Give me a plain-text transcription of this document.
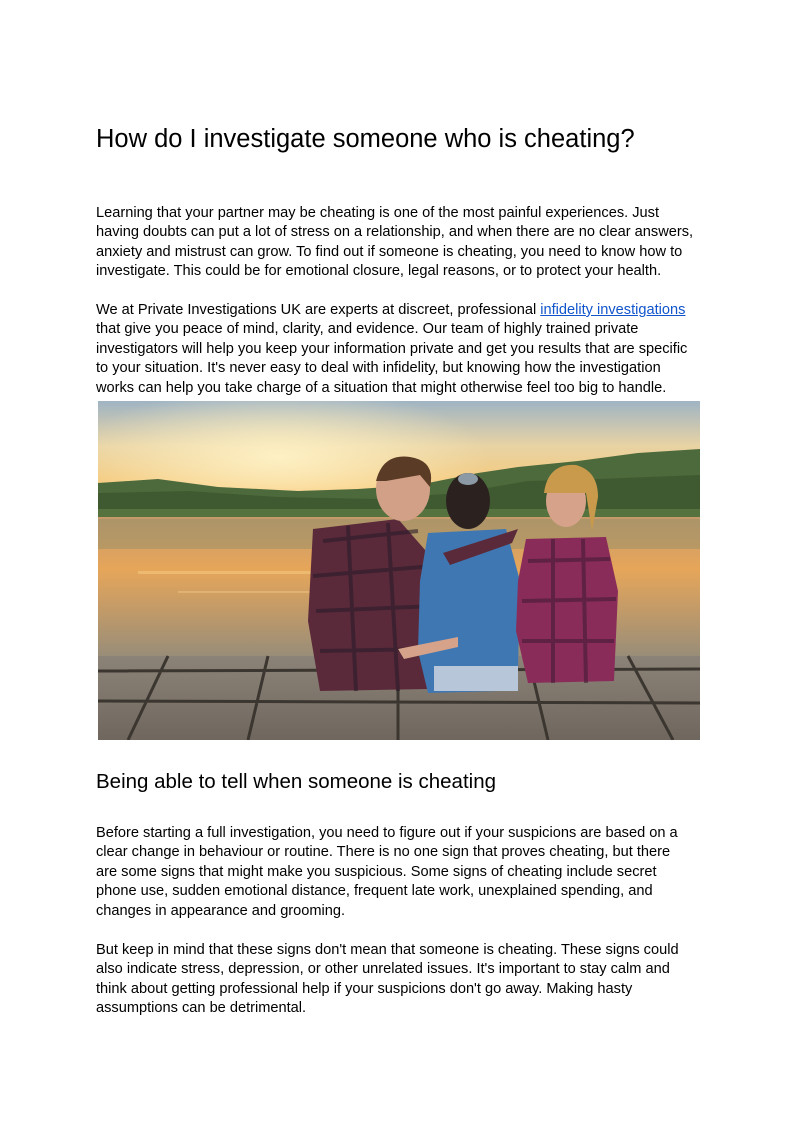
How do I investigate someone who is cheating?

Learning that your partner may be cheating is one of the most painful experiences. Just
having doubts can put a lot of stress on a relationship, and when there are no clear answers,
anxiety and mistrust can grow. To find out if someone is cheating, you need to know how to
investigate. This could be for emotional closure, legal reasons, or to protect your health.

We at Private Investigations UK are experts at discreet, professional infidelity investigations
that give you peace of mind, clarity, and evidence. Our team of highly trained private
investigators will help you keep your information private and get you results that are specific
to your situation. It's never easy to deal with infidelity, but knowing how the investigation
works can help you take charge of a situation that might otherwise feel too big to handle.

Being able to tell when someone is cheating

Before starting a full investigation, you need to figure out if your suspicions are based on a
clear change in behaviour or routine. There is no one sign that proves cheating, but there
are some signs that might make you suspicious. Some signs of cheating include secret
phone use, sudden emotional distance, frequent late work, unexplained spending, and
changes in appearance and grooming.

But keep in mind that these signs don't mean that someone is cheating. These signs could
also indicate stress, depression, or other unrelated issues. It's important to stay calm and
think about getting professional help if your suspicions don't go away. Making hasty
assumptions can be detrimental.
